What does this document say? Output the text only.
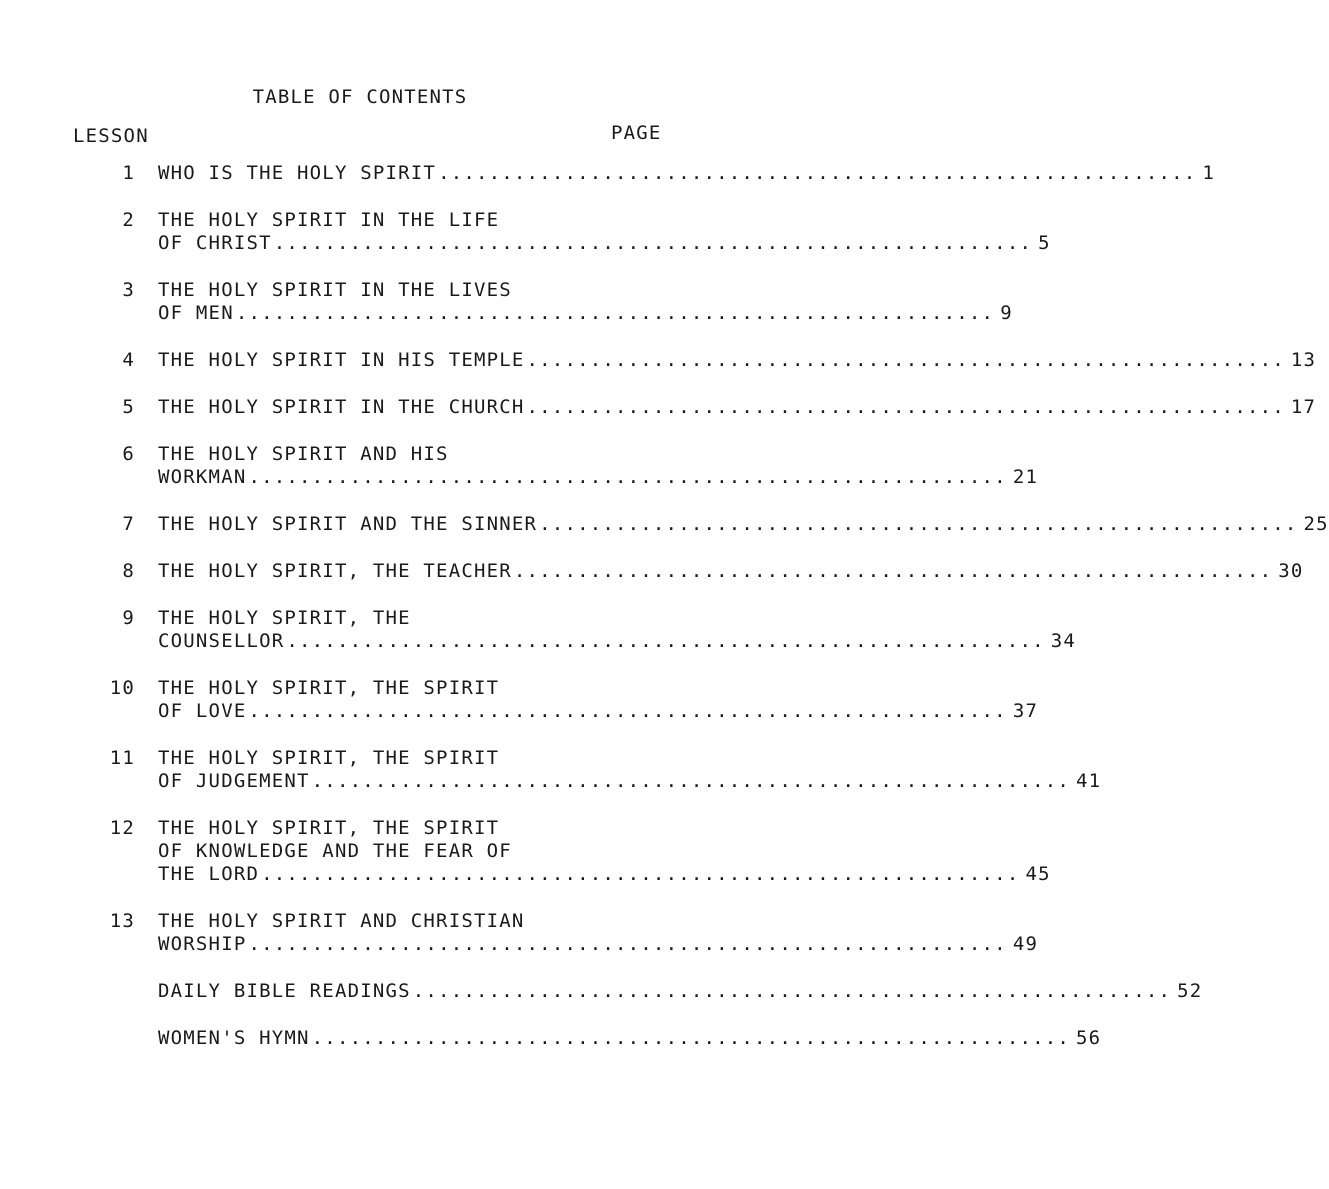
TABLE OF CONTENTS
LESSON	PAGE
1 WHO IS THE HOLY SPIRIT ............................................................ 1
2 THE HOLY SPIRIT IN THE LIFE
OF CHRIST ............................................................ 5
3 THE HOLY SPIRIT IN THE LIVES
OF MEN ............................................................ 9
4 THE HOLY SPIRIT IN HIS TEMPLE ............................................................ 13
5 THE HOLY SPIRIT IN THE CHURCH ............................................................ 17
6 THE HOLY SPIRIT AND HIS
WORKMAN ............................................................ 21
7 THE HOLY SPIRIT AND THE SINNER ............................................................ 25
8 THE HOLY SPIRIT, THE TEACHER ............................................................ 30
9 THE HOLY SPIRIT, THE
COUNSELLOR ............................................................ 34
10 THE HOLY SPIRIT, THE SPIRIT
OF LOVE ............................................................ 37
11 THE HOLY SPIRIT, THE SPIRIT
OF JUDGEMENT ............................................................ 41
12 THE HOLY SPIRIT, THE SPIRIT
OF KNOWLEDGE AND THE FEAR OF
THE LORD ............................................................ 45
13 THE HOLY SPIRIT AND CHRISTIAN
WORSHIP ............................................................ 49
DAILY BIBLE READINGS ............................................................ 52
WOMEN'S HYMN ............................................................ 56
